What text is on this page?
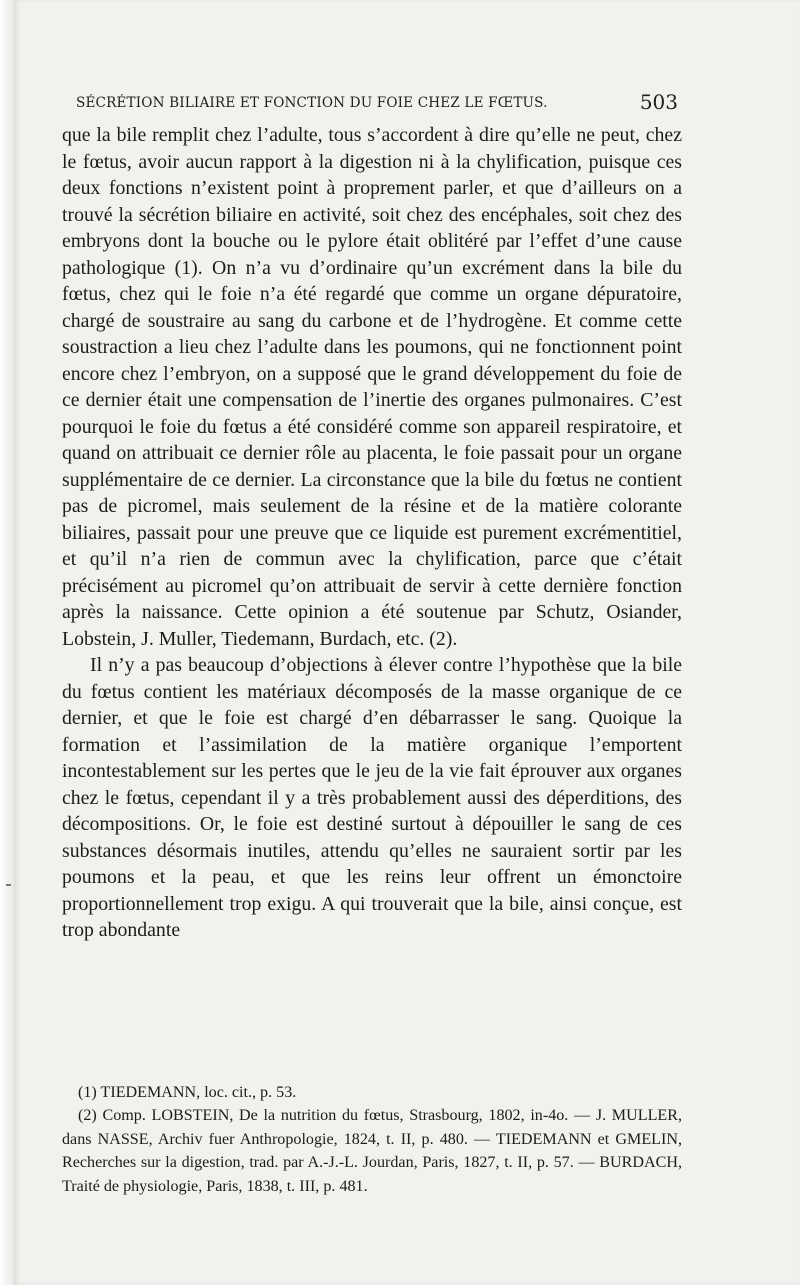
SÉCRÉTION BILIAIRE ET FONCTION DU FOIE CHEZ LE FŒTUS.	503

que la bile remplit chez l’adulte, tous s’accordent à dire qu’elle ne peut, chez le fœtus, avoir aucun rapport à la digestion ni à la chylification, puisque ces deux fonctions n’existent point à proprement parler, et que d’ailleurs on a trouvé la sécrétion biliaire en activité, soit chez des encéphales, soit chez des embryons dont la bouche ou le pylore était oblitéré par l’effet d’une cause pathologique (1). On n’a vu d’ordinaire qu’un excrément dans la bile du fœtus, chez qui le foie n’a été regardé que comme un organe dépuratoire, chargé de soustraire au sang du carbone et de l’hydrogène. Et comme cette soustraction a lieu chez l’adulte dans les poumons, qui ne fonctionnent point encore chez l’embryon, on a supposé que le grand développement du foie de ce dernier était une compensation de l’inertie des organes pulmonaires. C’est pourquoi le foie du fœtus a été considéré comme son appareil respiratoire, et quand on attribuait ce dernier rôle au placenta, le foie passait pour un organe supplémentaire de ce dernier. La circonstance que la bile du fœtus ne contient pas de picromel, mais seulement de la résine et de la matière colorante biliaires, passait pour une preuve que ce liquide est purement excrémentitiel, et qu’il n’a rien de commun avec la chylification, parce que c’était précisément au picromel qu’on attribuait de servir à cette dernière fonction après la naissance. Cette opinion a été soutenue par Schutz, Osiander, Lobstein, J. Muller, Tiedemann, Burdach, etc. (2).

Il n’y a pas beaucoup d’objections à élever contre l’hypothèse que la bile du fœtus contient les matériaux décomposés de la masse organique de ce dernier, et que le foie est chargé d’en débarrasser le sang. Quoique la formation et l’assimilation de la matière organique l’emportent incontestablement sur les pertes que le jeu de la vie fait éprouver aux organes chez le fœtus, cependant il y a très probablement aussi des déperditions, des décompositions. Or, le foie est destiné surtout à dépouiller le sang de ces substances désormais inutiles, attendu qu’elles ne sauraient sortir par les poumons et la peau, et que les reins leur offrent un émonctoire proportionnellement trop exigu. A qui trouverait que la bile, ainsi conçue, est trop abondante

(1) TIEDEMANN, loc. cit., p. 53.

(2) Comp. LOBSTEIN, De la nutrition du fœtus, Strasbourg, 1802, in-4o. — J. MULLER, dans NASSE, Archiv fuer Anthropologie, 1824, t. II, p. 480. — TIEDEMANN et GMELIN, Recherches sur la digestion, trad. par A.-J.-L. Jourdan, Paris, 1827, t. II, p. 57. — BURDACH, Traité de physiologie, Paris, 1838, t. III, p. 481.
